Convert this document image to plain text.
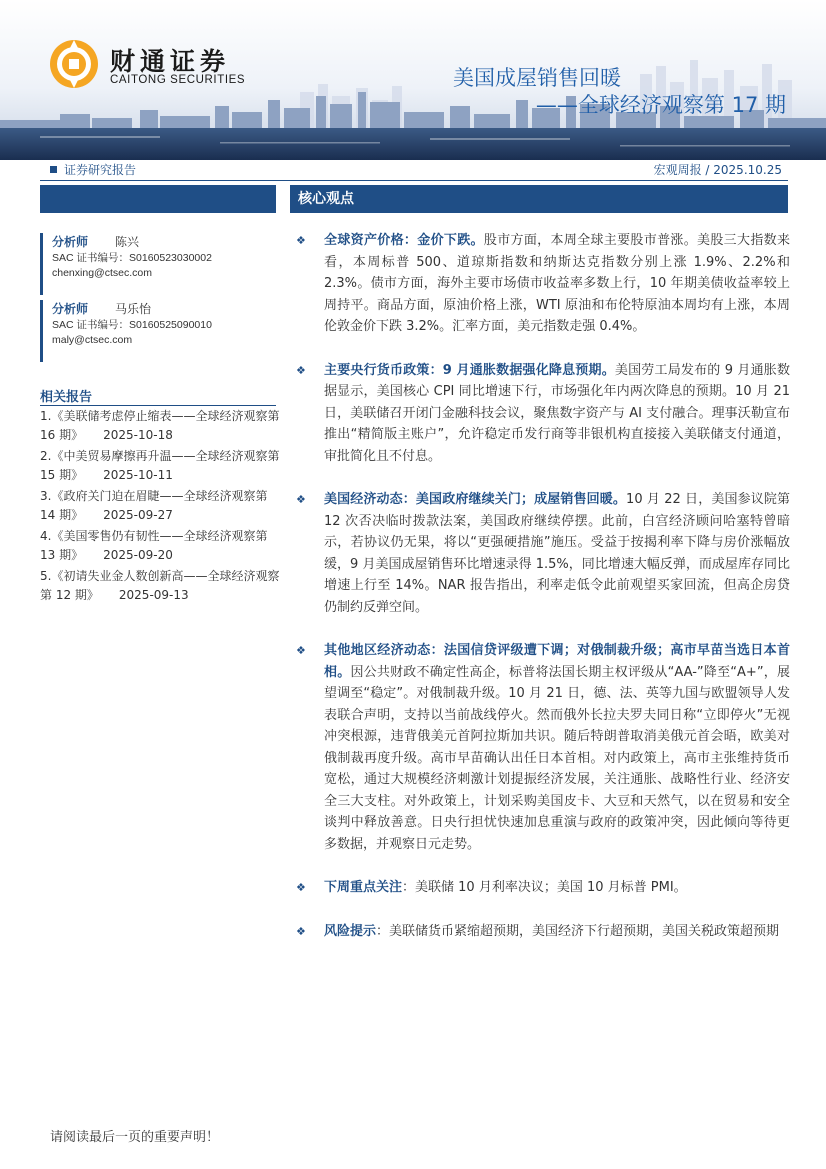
财通证券
CAITONG SECURITIES	美国成屋销售回暖
——全球经济观察第 17 期
证券研究报告	宏观周报 / 2025.10.25
核心观点
分析师	陈兴
SAC 证书编号：S0160523030002
chenxing@ctsec.com
分析师	马乐怡
SAC 证书编号：S0160525090010
maly@ctsec.com
相关报告
1.《美联储考虑停止缩表——全球经济观察第 16 期》 2025-10-18
2.《中美贸易摩擦再升温——全球经济观察第 15 期》 2025-10-11
3.《政府关门迫在眉睫——全球经济观察第 14 期》 2025-09-27
4.《美国零售仍有韧性——全球经济观察第 13 期》 2025-09-20
5.《初请失业金人数创新高——全球经济观察第 12 期》 2025-09-13
❖ 全球资产价格：金价下跌。股市方面，本周全球主要股市普涨。美股三大指数来看，本周标普 500、道琼斯指数和纳斯达克指数分别上涨 1.9%、2.2%和 2.3%。债市方面，海外主要市场债市收益率多数上行，10 年期美债收益率较上周持平。商品方面，原油价格上涨，WTI 原油和布伦特原油本周均有上涨，本周伦敦金价下跌 3.2%。汇率方面，美元指数走强 0.4%。
❖ 主要央行货币政策：9 月通胀数据强化降息预期。美国劳工局发布的 9 月通胀数据显示，美国核心 CPI 同比增速下行，市场强化年内两次降息的预期。10 月 21 日，美联储召开闭门金融科技会议，聚焦数字资产与 AI 支付融合。理事沃勒宣布推出“精简版主账户”，允许稳定币发行商等非银机构直接接入美联储支付通道，审批简化且不付息。
❖ 美国经济动态：美国政府继续关门；成屋销售回暖。10 月 22 日，美国参议院第 12 次否决临时拨款法案，美国政府继续停摆。此前，白宫经济顾问哈塞特曾暗示，若协议仍无果，将以“更强硬措施”施压。受益于按揭利率下降与房价涨幅放缓，9 月美国成屋销售环比增速录得 1.5%，同比增速大幅反弹，而成屋库存同比增速上行至 14%。NAR 报告指出，利率走低令此前观望买家回流，但高企房贷仍制约反弹空间。
❖ 其他地区经济动态：法国信贷评级遭下调；对俄制裁升级；高市早苗当选日本首相。因公共财政不确定性高企，标普将法国长期主权评级从“AA-”降至“A+”，展望调至“稳定”。对俄制裁升级。10 月 21 日，德、法、英等九国与欧盟领导人发表联合声明，支持以当前战线停火。然而俄外长拉夫罗夫同日称“立即停火”无视冲突根源，违背俄美元首阿拉斯加共识。随后特朗普取消美俄元首会晤，欧美对俄制裁再度升级。高市早苗确认出任日本首相。对内政策上，高市主张维持货币宽松，通过大规模经济刺激计划提振经济发展，关注通胀、战略性行业、经济安全三大支柱。对外政策上，计划采购美国皮卡、大豆和天然气，以在贸易和安全谈判中释放善意。日央行担忧快速加息重演与政府的政策冲突，因此倾向等待更多数据，并观察日元走势。
❖ 下周重点关注：美联储 10 月利率决议；美国 10 月标普 PMI。
❖ 风险提示：美联储货币紧缩超预期，美国经济下行超预期，美国关税政策超预期
请阅读最后一页的重要声明！
